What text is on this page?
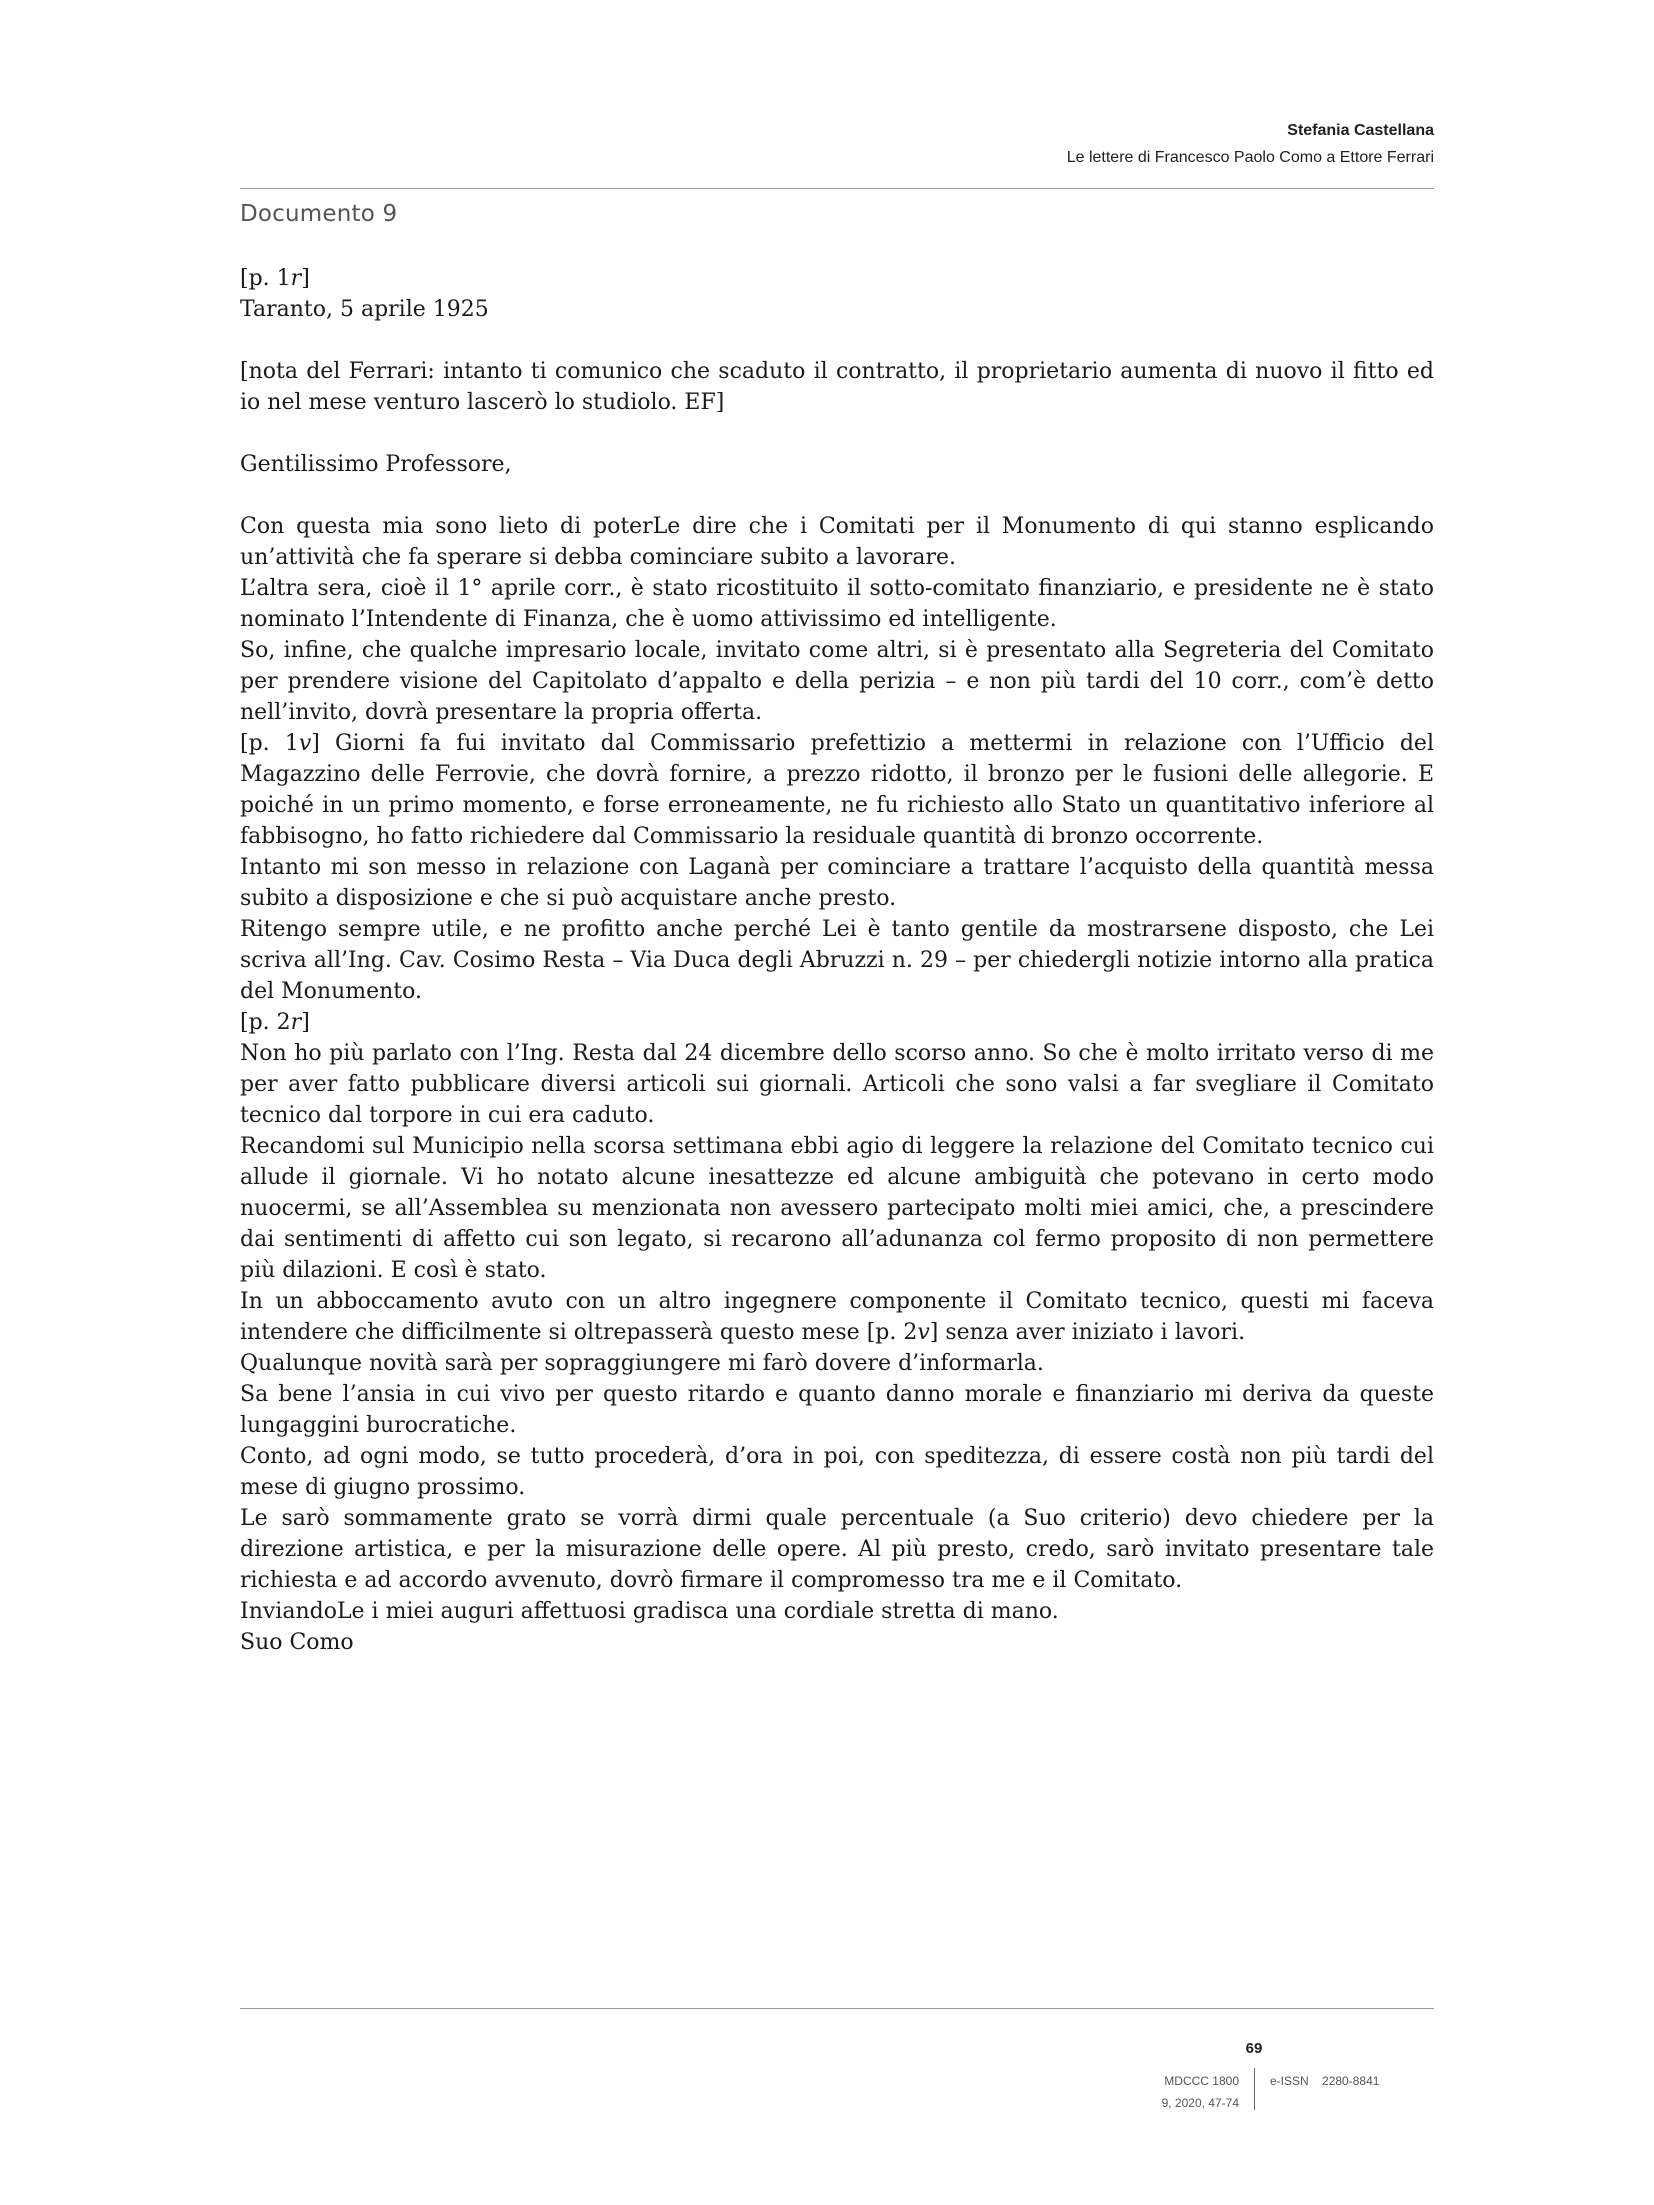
Stefania Castellana
Le lettere di Francesco Paolo Como a Ettore Ferrari
Documento 9

[p. 1r]

Taranto, 5 aprile 1925

[nota del Ferrari: intanto ti comunico che scaduto il contratto, il proprietario aumenta di nuovo il fitto ed io nel mese venturo lascerò lo studiolo. EF]

Gentilissimo Professore,

Con questa mia sono lieto di poterLe dire che i Comitati per il Monumento di qui stanno esplicando un’attività che fa sperare si debba cominciare subito a lavorare.

L’altra sera, cioè il 1° aprile corr., è stato ricostituito il sotto-comitato finanziario, e presidente ne è stato nominato l’Intendente di Finanza, che è uomo attivissimo ed intelligente.

So, infine, che qualche impresario locale, invitato come altri, si è presentato alla Segreteria del Comitato per prendere visione del Capitolato d’appalto e della perizia – e non più tardi del 10 corr., com’è detto nell’invito, dovrà presentare la propria offerta.

[p. 1v] Giorni fa fui invitato dal Commissario prefettizio a mettermi in relazione con l’Ufficio del Magazzino delle Ferrovie, che dovrà fornire, a prezzo ridotto, il bronzo per le fusioni delle allegorie. E poiché in un primo momento, e forse erroneamente, ne fu richiesto allo Stato un quantitativo inferiore al fabbisogno, ho fatto richiedere dal Commissario la residuale quantità di bronzo occorrente.

Intanto mi son messo in relazione con Laganà per cominciare a trattare l’acquisto della quantità messa subito a disposizione e che si può acquistare anche presto.

Ritengo sempre utile, e ne profitto anche perché Lei è tanto gentile da mostrarsene disposto, che Lei scriva all’Ing. Cav. Cosimo Resta – Via Duca degli Abruzzi n. 29 – per chiedergli notizie intorno alla pratica del Monumento.

[p. 2r]

Non ho più parlato con l’Ing. Resta dal 24 dicembre dello scorso anno. So che è molto irritato verso di me per aver fatto pubblicare diversi articoli sui giornali. Articoli che sono valsi a far svegliare il Comitato tecnico dal torpore in cui era caduto.

Recandomi sul Municipio nella scorsa settimana ebbi agio di leggere la relazione del Comitato tecnico cui allude il giornale. Vi ho notato alcune inesattezze ed alcune ambiguità che potevano in certo modo nuocermi, se all’Assemblea su menzionata non avessero partecipato molti miei amici, che, a prescindere dai sentimenti di affetto cui son legato, si recarono all’adunanza col fermo proposito di non permettere più dilazioni. E così è stato.

In un abboccamento avuto con un altro ingegnere componente il Comitato tecnico, questi mi faceva intendere che difficilmente si oltrepasserà questo mese [p. 2v] senza aver iniziato i lavori.

Qualunque novità sarà per sopraggiungere mi farò dovere d’informarla.

Sa bene l’ansia in cui vivo per questo ritardo e quanto danno morale e finanziario mi deriva da queste lungaggini burocratiche.

Conto, ad ogni modo, se tutto procederà, d’ora in poi, con speditezza, di essere costà non più tardi del mese di giugno prossimo.

Le sarò sommamente grato se vorrà dirmi quale percentuale (a Suo criterio) devo chiedere per la direzione artistica, e per la misurazione delle opere. Al più presto, credo, sarò invitato presentare tale richiesta e ad accordo avvenuto, dovrò firmare il compromesso tra me e il Comitato.

InviandoLe i miei auguri affettuosi gradisca una cordiale stretta di mano.

Suo Como

69
MDCCC 1800
9, 2020, 47-74
e-ISSN 2280-8841
